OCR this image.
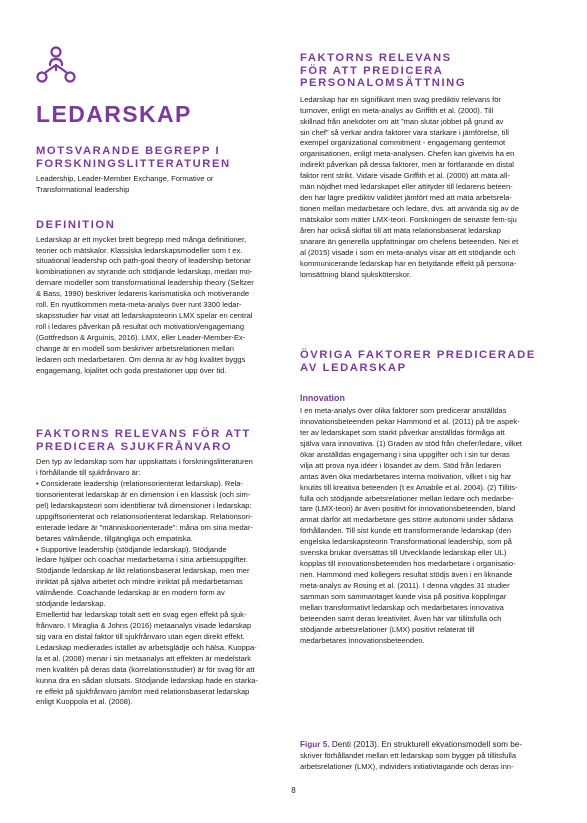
LEDARSKAP
MOTSVARANDE BEGREPP I
FORSKNINGSLITTERATUREN

Leadership, Leader-Member Exchange, Formative or

Transformational leadership

DEFINITION

Ledarskap är ett mycket brett begrepp med många definitioner,

teorier och mätskalor. Klassiska ledarskapsmodeller som t ex.

situational leadership och path-goal theory of leadership betonar

kombinationen av styrande och stödjande ledarskap, medan mo-

dernare modeller som transformational leadership theory (Seltzer

& Bass, 1990) beskriver ledarens karismatiska och motiverande

roll. En nyuttkommen meta-meta-analys över runt 3300 ledar-

skapsstudier har visat att ledarskapsteorin LMX spelar en central

roll i ledares påverkan på resultat och motivation/engagemang

(Gottfredson & Arguinis, 2016). LMX, eller Leader-Member-Ex-

change är en modell som beskriver arbetsrelationen mellan

ledaren och medarbetaren. Om denna är av hög kvalitet byggs

engagemang, lojalitet och goda prestationer upp över tid.

FAKTORNS RELEVANS FÖR ATT
PREDICERA SJUKFRÅNVARO

Den typ av ledarskap som har uppskattats i forskningslitteraturen

i förhållande till sjukfrånvaro är:

• Considerate leadership (relationsorienterat ledarskap). Rela-

tionsorienterat ledarskap är en dimension i en klassisk (och sim-

pel) ledarskapsteori som identifierar två dimensioner i ledarskap:

uppgiftsorienterat och relationsorienterat ledarskap. Relationsori-

enterade ledare är ”människoorienterade”: måna om sina medar-

betares välmående, tillgängliga och empatiska.

• Supportive leadership (stödjande ledarskap). Stödjande

ledare hjälper och coachar medarbetarna i sina arbetsuppgifter.

Stödjande ledarskap är likt relationsbaserat ledarskap, men mer

inriktat på själva arbetet och mindre inriktat på medarbetarnas

välmående. Coachande ledarskap är en modern form av

stödjande ledarskap.

Emellertid har ledarskap totalt sett en svag egen effekt på sjuk-

frånvaro. I Miraglia & Johns (2016) metaanalys visade ledarskap

sig vara en distal faktor till sjukfrånvaro utan egen direkt effekt.

Ledarskap medierades istället av arbetsglädje och hälsa. Kuoppa-

la et al. (2008) menar i sin metaanalys att effekten är medelstark

men kvalitén på deras data (korrelationsstudier) är för svag för att

kunna dra en sådan slutsats. Stödjande ledarskap hade en starka-

re effekt på sjukfrånvaro jämfört med relationsbaserat ledarskap

enligt Kuoppola et al. (2008).

FAKTORNS RELEVANS
FÖR ATT PREDICERA
PERSONALOMSÄTTNING

Ledarskap har en signifikant men svag prediktiv relevans för

turnover, enligt en meta-analys av Griffith et al. (2000). Till

skillnad från anekdoter om att ”man slutar jobbet på grund av

sin chef” så verkar andra faktorer vara starkare i jämförelse, till

exempel organizational commitment - engagemang gentemot

organisationen, enligt meta-analysen. Chefen kan givetvis ha en

indirekt påverkan på dessa faktorer, men är fortfarande en distal

faktor rent strikt. Vidare visade Griffith et al. (2000) att mäta all-

män nöjdhet med ledarskapet eller attityder till ledarens beteen-

den har lägre prediktiv validitet jämfört med att mäta arbetsrela-

tionen mellan medarbetare och ledare, dvs. att använda sig av de

mätskalor som mäter LMX-teori. Forskningen de senaste fem-sju

åren har också skiftat till att mäta relationsbaserat ledarskap

snarare än generella uppfattningar om chefens beteenden. Nei et

al (2015) visade i som en meta-analys visar att ett stödjande och

kommunicerande ledarskap har en betydande effekt på persona-

lomsättning bland sjuksköterskor.

ÖVRIGA FAKTORER PREDICERADE
AV LEDARSKAP
Innovation

I en meta-analys över olika faktorer som predicerar anställdas

innovationsbeteenden pekar Hammond et al. (2011) på tre aspek-

ter av ledarskapet som starkt påverkar anställdas förmåga att

själva vara innovativa. (1) Graden av stöd från chefer/ledare, vilket

ökar anställdas engagemang i sina uppgifter och i sin tur deras

vilja att prova nya idéer i lösandet av dem. Stöd från ledaren

antas även öka medarbetares interna motivation, vilket i sig har

knutits till kreativa beteenden (t ex Amabile et al. 2004). (2) Tillits-

fulla och stödjande arbetsrelationer mellan ledare och medarbe-

tare (LMX-teori) är även positivt för innovationsbeteenden, bland

annat därför att medarbetare ges större autonomi under sådana

förhållanden. Till sist kunde ett transformerande ledarskap (den

engelska ledarskapsteorin Transformational leadership, som på

svenska brukar översättas till Utvecklande ledarskap eller UL)

kopplas till innovationsbeteenden hos medarbetare i organisatio-

nen. Hammond med kollegers resultat stödjs även i en liknande

meta-analys av Rosing et al. (2011). I denna vägdes 31 studier

samman som sammantaget kunde visa på positiva kopplingar

mellan transformativt ledarskap och medarbetares innovativa

beteenden samt deras kreativitet. Även här var tillitsfulla och

stödjande arbetsrelationer (LMX) positivt relaterat till

medarbetares innovationsbeteenden.

Figur 5. Denti (2013). En strukturell ekvationsmodell som be-

skriver förhållandet mellan ett ledarskap som bygger på tillitsfulla

arbetsrelationer (LMX), individers initiativtagande och deras inn-

8
